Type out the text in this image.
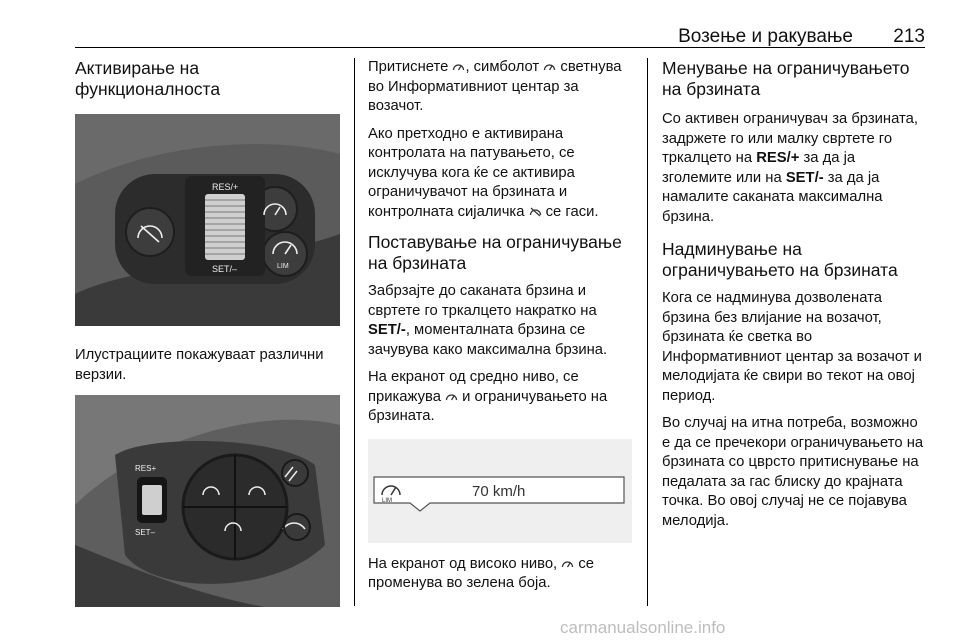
Возење и ракување 213
Активирање на функционалноста
RES/+
SET/–	LIM

Илустрациите покажуваат различни верзии.

RES+
SET–

Притиснете , симболот  светнува во Информативниот центар за возачот.

Ако претходно е активирана контролата на патувањето, се исклучува кога ќе се активира ограничувачот на брзината и контролната сијаличка  се гаси.

Поставување на ограничување на брзината

Забрзајте до саканата брзина и свртете го тркалцето накратко на SET/-, моменталната брзина се зачувува како максимална брзина.

На екранот од средно ниво, се прикажува  и ограничувањето на брзината.

LIM
70 km/h

На екранот од високо ниво,  се променува во зелена боја.

Менување на ограничувањето на брзината

Со активен ограничувач за брзината, задржете го или малку свртете го тркалцето на RES/+ за да ја зголемите или на SET/- за да ја намалите саканата максимална брзина.

Надминување на ограничувањето на брзината

Кога се надминува дозволената брзина без влијание на возачот, брзината ќе светка во Информативниот центар за возачот и мелодијата ќе свири во текот на овој период.

Во случај на итна потреба, возможно е да се пречекори ограничувањето на брзината со цврсто притиснување на педалата за гас блиску до крајната точка. Во овој случај не се појавува мелодија.

carmanualsonline.info
